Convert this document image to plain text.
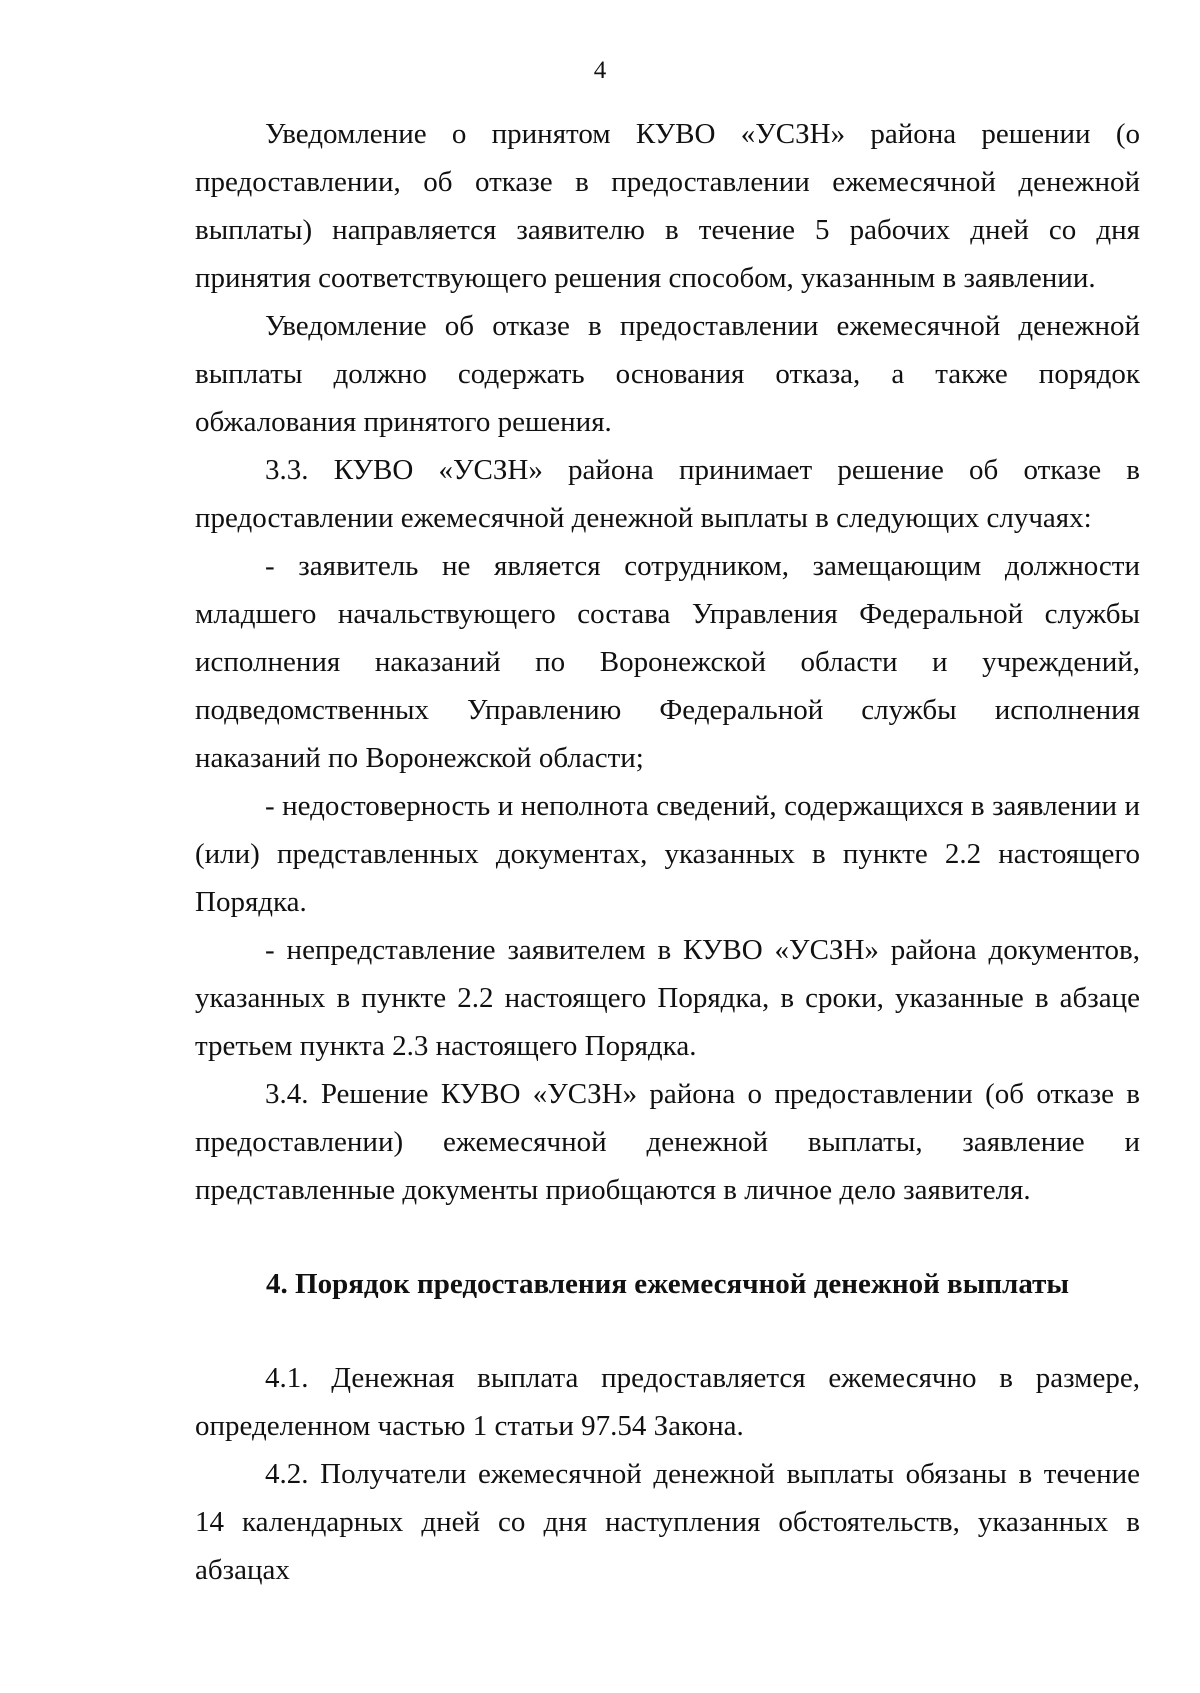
4

Уведомление о принятом КУВО «УСЗН» района решении (о предоставлении, об отказе в предоставлении ежемесячной денежной выплаты) направляется заявителю в течение 5 рабочих дней со дня принятия соответствующего решения способом, указанным в заявлении.

Уведомление об отказе в предоставлении ежемесячной денежной выплаты должно содержать основания отказа, а также порядок обжалования принятого решения.

3.3. КУВО «УСЗН» района принимает решение об отказе в предоставлении ежемесячной денежной выплаты в следующих случаях:

- заявитель не является сотрудником, замещающим должности младшего начальствующего состава Управления Федеральной службы исполнения наказаний по Воронежской области и учреждений, подведомственных Управлению Федеральной службы исполнения наказаний по Воронежской области;

- недостоверность и неполнота сведений, содержащихся в заявлении и (или) представленных документах, указанных в пункте 2.2 настоящего Порядка.

- непредставление заявителем в КУВО «УСЗН» района документов, указанных в пункте 2.2 настоящего Порядка, в сроки, указанные в абзаце третьем пункта 2.3 настоящего Порядка.

3.4. Решение КУВО «УСЗН» района о предоставлении (об отказе в предоставлении) ежемесячной денежной выплаты, заявление и представленные документы приобщаются в личное дело заявителя.

4. Порядок предоставления ежемесячной денежной выплаты

4.1. Денежная выплата предоставляется ежемесячно в размере, определенном частью 1 статьи 97.54 Закона.

4.2. Получатели ежемесячной денежной выплаты обязаны в течение 14 календарных дней со дня наступления обстоятельств, указанных в абзацах
